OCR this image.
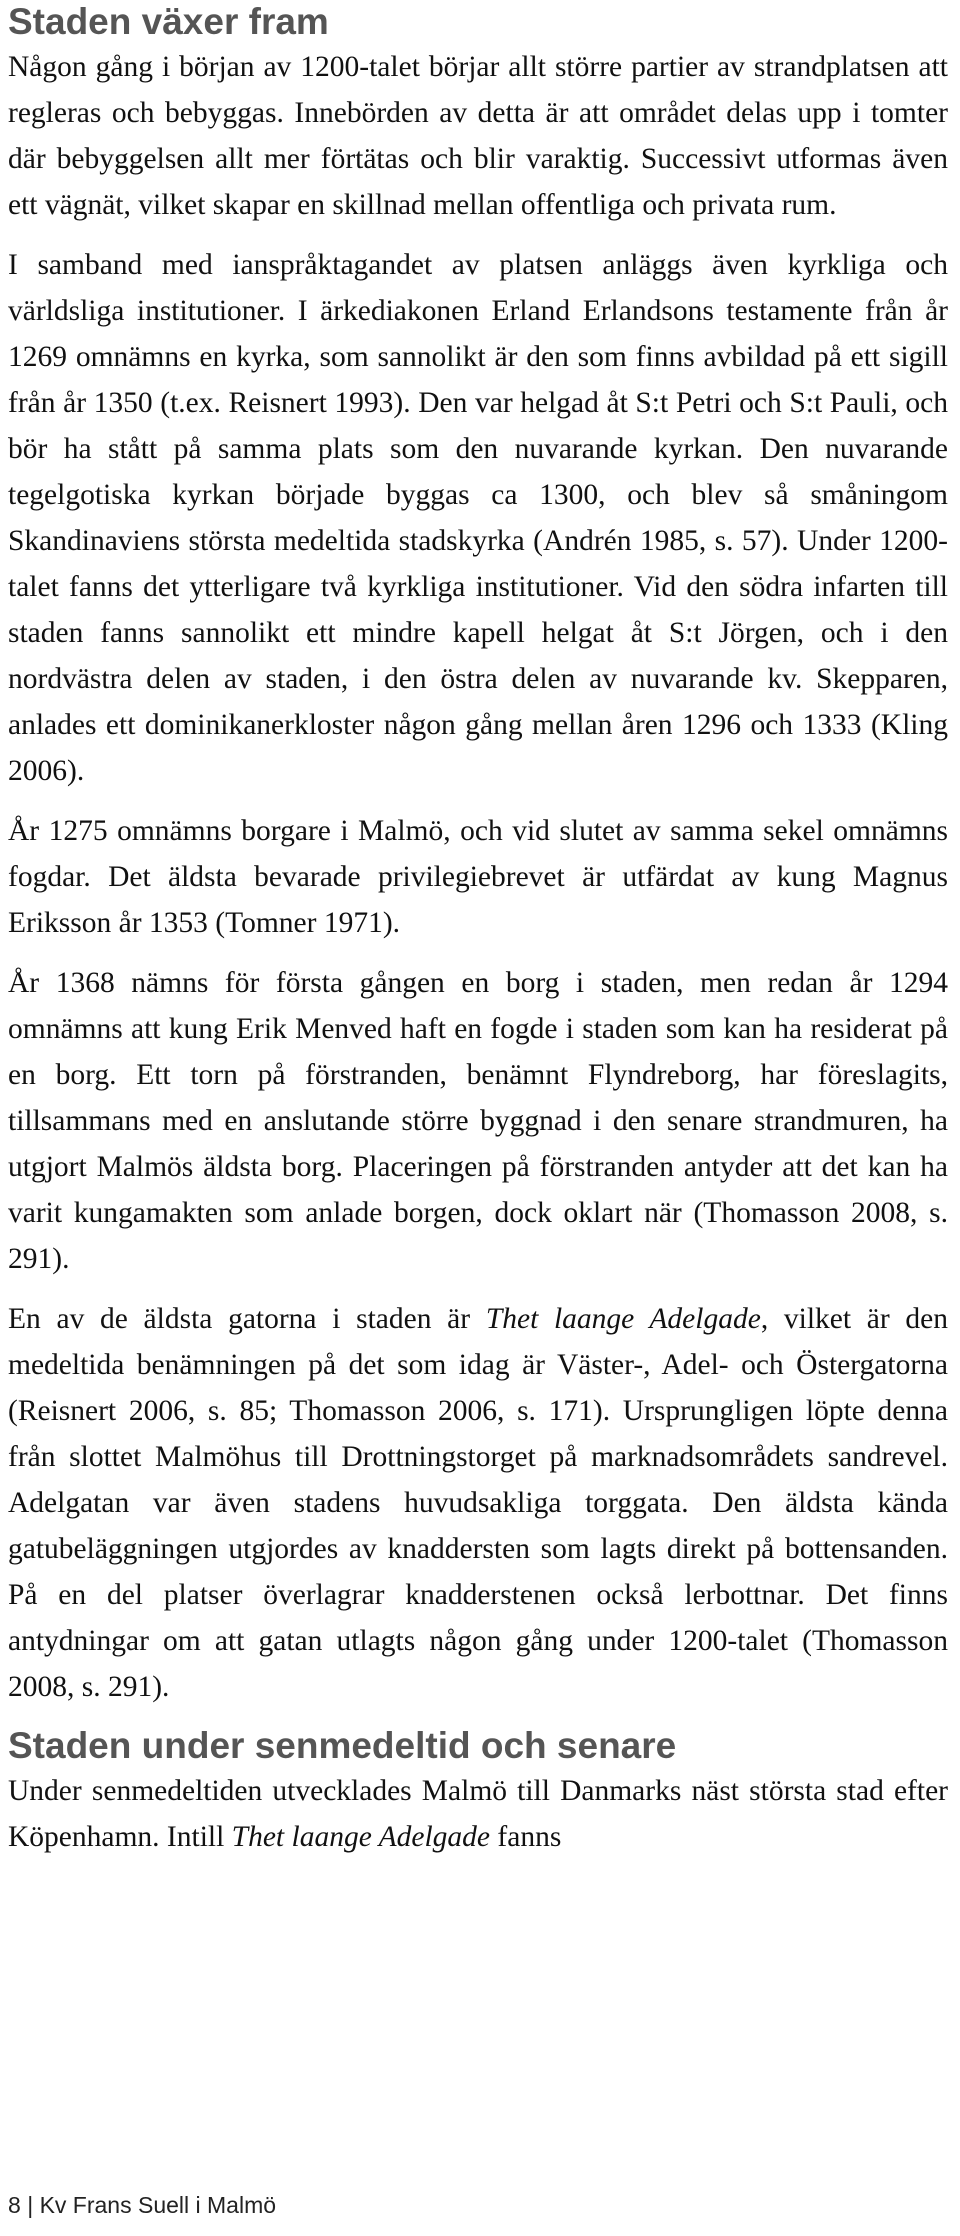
Staden växer fram

Någon gång i början av 1200-talet börjar allt större partier av strandplatsen att regleras och bebyggas. Innebörden av detta är att området delas upp i tomter där bebyggelsen allt mer förtätas och blir varaktig. Successivt utformas även ett vägnät, vilket skapar en skillnad mellan offentliga och privata rum.

I samband med ianspråktagandet av platsen anläggs även kyrkliga och världsliga institutioner. I ärkediakonen Erland Erlandsons testamente från år 1269 omnämns en kyrka, som sannolikt är den som finns avbildad på ett sigill från år 1350 (t.ex. Reisnert 1993). Den var helgad åt S:t Petri och S:t Pauli, och bör ha stått på samma plats som den nuvarande kyrkan. Den nuvarande tegelgotiska kyrkan började byggas ca 1300, och blev så småningom Skandinaviens största medeltida stadskyrka (Andrén 1985, s. 57). Under 1200-talet fanns det ytterligare två kyrkliga institutioner. Vid den södra infarten till staden fanns sannolikt ett mindre kapell helgat åt S:t Jörgen, och i den nordvästra delen av staden, i den östra delen av nuvarande kv. Skepparen, anlades ett dominikanerkloster någon gång mellan åren 1296 och 1333 (Kling 2006).

År 1275 omnämns borgare i Malmö, och vid slutet av samma sekel omnämns fogdar. Det äldsta bevarade privilegiebrevet är utfärdat av kung Magnus Eriksson år 1353 (Tomner 1971).

År 1368 nämns för första gången en borg i staden, men redan år 1294 omnämns att kung Erik Menved haft en fogde i staden som kan ha residerat på en borg. Ett torn på förstranden, benämnt Flyndreborg, har föreslagits, tillsammans med en anslutande större byggnad i den senare strandmuren, ha utgjort Malmös äldsta borg. Placeringen på förstranden antyder att det kan ha varit kungamakten som anlade borgen, dock oklart när (Thomasson 2008, s. 291).

En av de äldsta gatorna i staden är Thet laange Adelgade, vilket är den medeltida benämningen på det som idag är Väster-, Adel- och Östergatorna (Reisnert 2006, s. 85; Thomasson 2006, s. 171). Ursprungligen löpte denna från slottet Malmöhus till Drottningstorget på marknadsområdets sandrevel. Adelgatan var även stadens huvudsakliga torggata. Den äldsta kända gatubeläggningen utgjordes av knaddersten som lagts direkt på bottensanden. På en del platser överlagrar knadderstenen också lerbottnar. Det finns antydningar om att gatan utlagts någon gång under 1200-talet (Thomasson 2008, s. 291).

Staden under senmedeltid och senare

Under senmedeltiden utvecklades Malmö till Danmarks näst största stad efter Köpenhamn. Intill Thet laange Adelgade fanns

8 | Kv Frans Suell i Malmö
